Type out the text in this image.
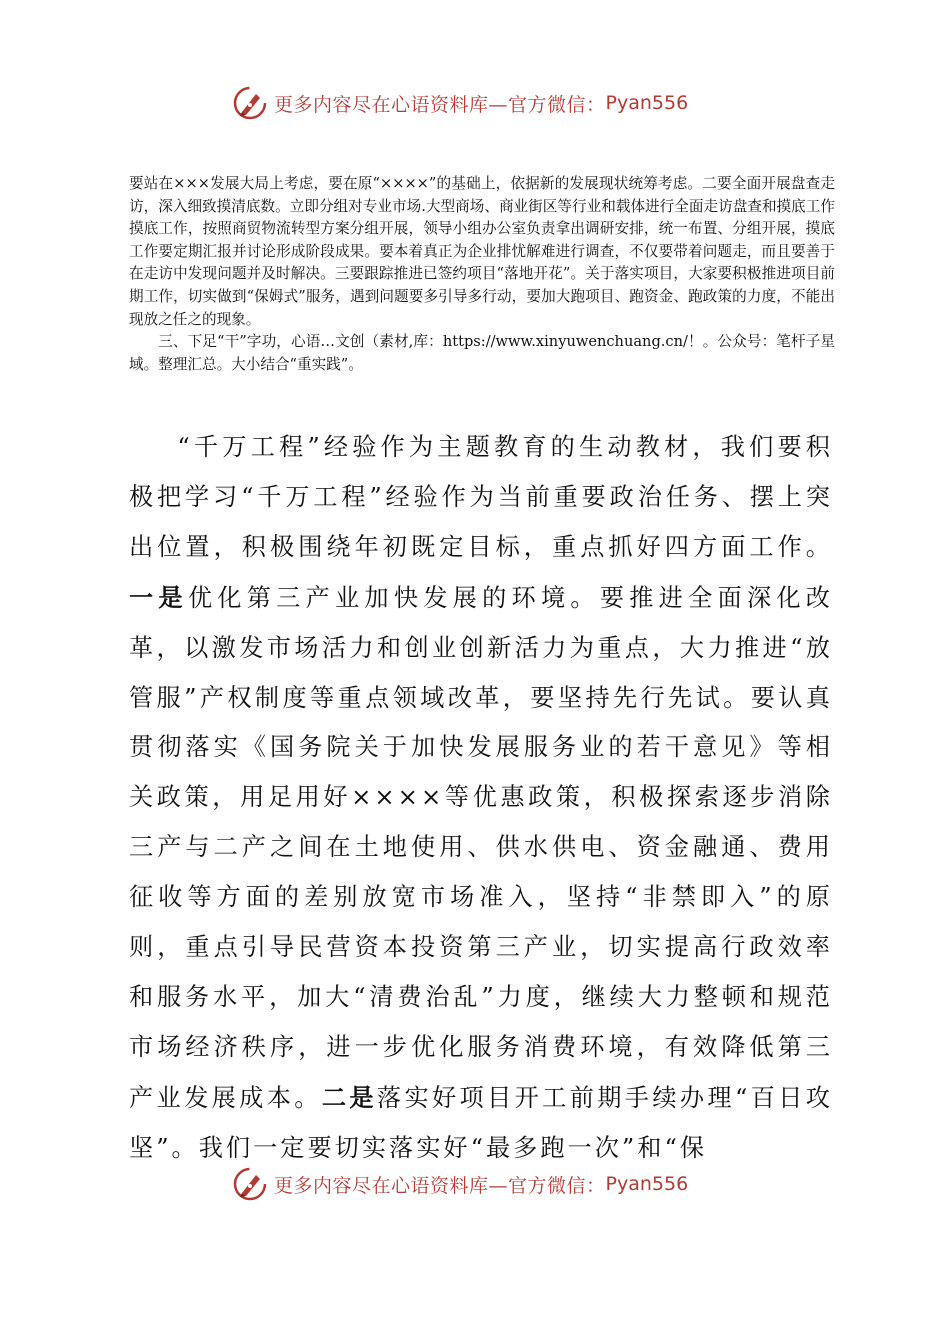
更多内容尽在心语资料库—官方微信： Pyan556

要站在×××发展大局上考虑，要在原“××××”的基础上，依据新的发展现状统筹考虑。二要全面开展盘查走访，深入细致摸清底数。立即分组对专业市场.大型商场、商业街区等行业和载体进行全面走访盘查和摸底工作摸底工作，按照商贸物流转型方案分组开展，领导小组办公室负责拿出调研安排，统一布置、分组开展，摸底工作要定期汇报并讨论形成阶段成果。要本着真正为企业排忧解难进行调查，不仅要带着问题走，而且要善于在走访中发现问题并及时解决。三要跟踪推进已签约项目“落地开花”。关于落实项目，大家要积极推进项目前期工作，切实做到“保姆式”服务，遇到问题要多引导多行动，要加大跑项目、跑资金、跑政策的力度，不能出现放之任之的现象。

三、下足“干”字功，心语…文创（素材,库：https://www.xinyuwenchuang.cn/！。公众号：笔杆子星域。整理汇总。大小结合“重实践”。

“千万工程”经验作为主题教育的生动教材，我们要积极把学习“千万工程”经验作为当前重要政治任务、摆上突出位置，积极围绕年初既定目标，重点抓好四方面工作。一是优化第三产业加快发展的环境。要推进全面深化改革，以激发市场活力和创业创新活力为重点，大力推进“放管服”产权制度等重点领域改革，要坚持先行先试。要认真贯彻落实《国务院关于加快发展服务业的若干意见》等相关政策，用足用好××××等优惠政策，积极探索逐步消除三产与二产之间在土地使用、供水供电、资金融通、费用征收等方面的差别放宽市场准入，坚持“非禁即入”的原则，重点引导民营资本投资第三产业，切实提高行政效率和服务水平，加大“清费治乱”力度，继续大力整顿和规范市场经济秩序，进一步优化服务消费环境，有效降低第三产业发展成本。二是落实好项目开工前期手续办理“百日攻坚”。我们一定要切实落实好“最多跑一次”和“保

更多内容尽在心语资料库—官方微信： Pyan556
